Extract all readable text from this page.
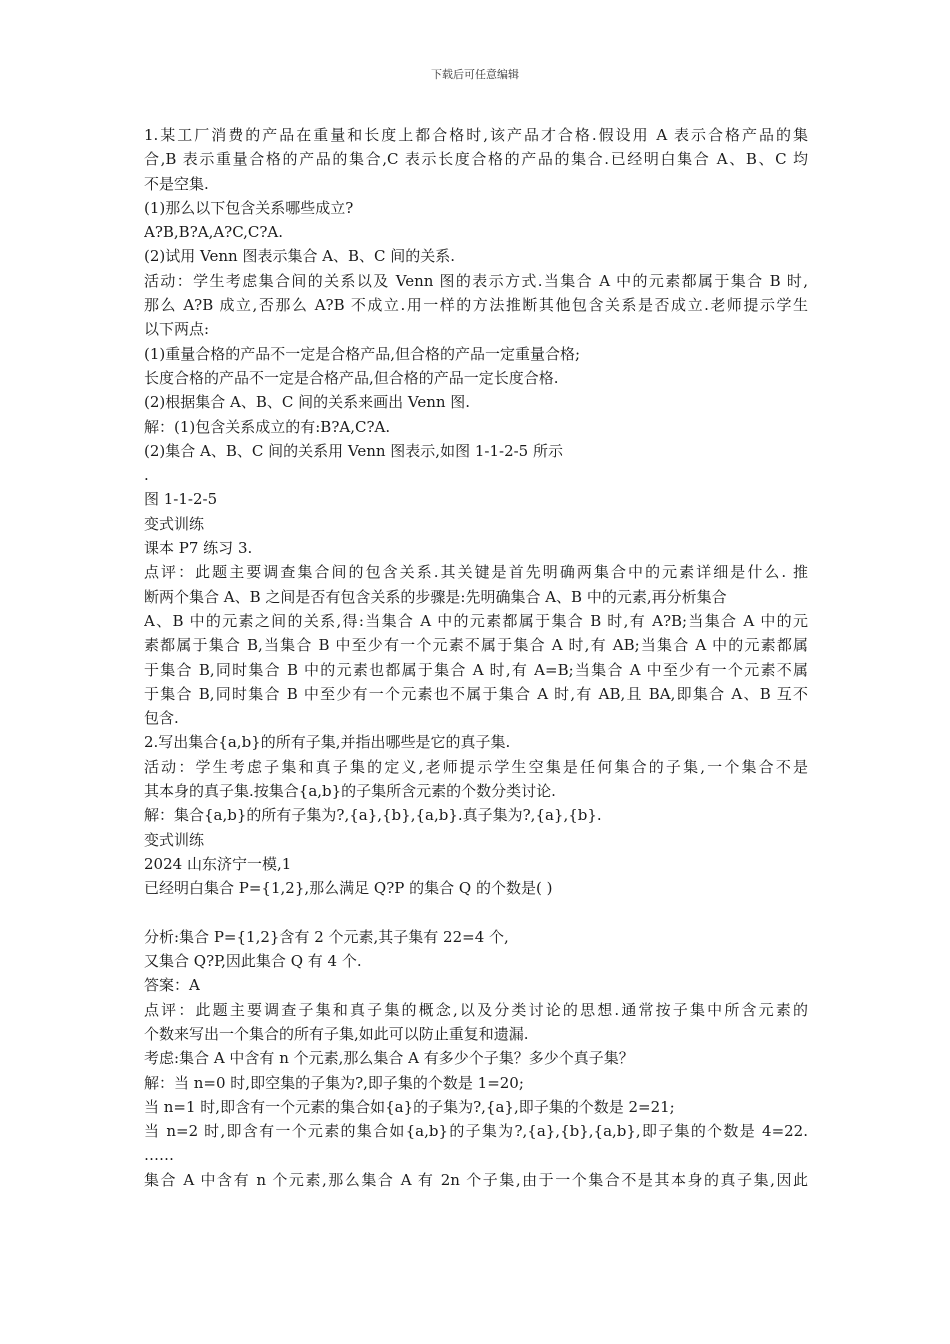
下载后可任意编辑
1.某工厂消费的产品在重量和长度上都合格时,该产品才合格.假设用 A 表示合格产品的集
合,B 表示重量合格的产品的集合,C 表示长度合格的产品的集合.已经明白集合 A、B、C 均
不是空集.
(1)那么以下包含关系哪些成立?
A?B,B?A,A?C,C?A.
(2)试用 Venn 图表示集合 A、B、C 间的关系.
活动：学生考虑集合间的关系以及 Venn 图的表示方式.当集合 A 中的元素都属于集合 B 时,
那么 A?B 成立,否那么 A?B 不成立.用一样的方法推断其他包含关系是否成立.老师提示学生
以下两点:
(1)重量合格的产品不一定是合格产品,但合格的产品一定重量合格;
长度合格的产品不一定是合格产品,但合格的产品一定长度合格.
(2)根据集合 A、B、C 间的关系来画出 Venn 图.
解：(1)包含关系成立的有:B?A,C?A.
(2)集合 A、B、C 间的关系用 Venn 图表示,如图 1-1-2-5 所示
.
图 1-1-2-5
变式训练
课本 P7 练习 3.
点评：此题主要调查集合间的包含关系.其关键是首先明确两集合中的元素详细是什么. 推
断两个集合 A、B 之间是否有包含关系的步骤是:先明确集合 A、B 中的元素,再分析集合
A、B 中的元素之间的关系,得:当集合 A 中的元素都属于集合 B 时,有 A?B;当集合 A 中的元
素都属于集合 B,当集合 B 中至少有一个元素不属于集合 A 时,有 AB;当集合 A 中的元素都属
于集合 B,同时集合 B 中的元素也都属于集合 A 时,有 A=B;当集合 A 中至少有一个元素不属
于集合 B,同时集合 B 中至少有一个元素也不属于集合 A 时,有 AB,且 BA,即集合 A、B 互不
包含.
2.写出集合{a,b}的所有子集,并指出哪些是它的真子集.
活动：学生考虑子集和真子集的定义,老师提示学生空集是任何集合的子集,一个集合不是
其本身的真子集.按集合{a,b}的子集所含元素的个数分类讨论.
解：集合{a,b}的所有子集为?,{a},{b},{a,b}.真子集为?,{a},{b}.
变式训练
2024 山东济宁一模,1
已经明白集合 P={1,2},那么满足 Q?P 的集合 Q 的个数是( )
分析:集合 P={1,2}含有 2 个元素,其子集有 22=4 个,
又集合 Q?P,因此集合 Q 有 4 个.
答案：A
点评：此题主要调查子集和真子集的概念,以及分类讨论的思想.通常按子集中所含元素的
个数来写出一个集合的所有子集,如此可以防止重复和遗漏.
考虑:集合 A 中含有 n 个元素,那么集合 A 有多少个子集？多少个真子集？
解：当 n=0 时,即空集的子集为?,即子集的个数是 1=20;
当 n=1 时,即含有一个元素的集合如{a}的子集为?,{a},即子集的个数是 2=21;
当 n=2 时,即含有一个元素的集合如{a,b}的子集为?,{a},{b},{a,b},即子集的个数是 4=22.
……
集合 A 中含有 n 个元素,那么集合 A 有 2n 个子集,由于一个集合不是其本身的真子集,因此
